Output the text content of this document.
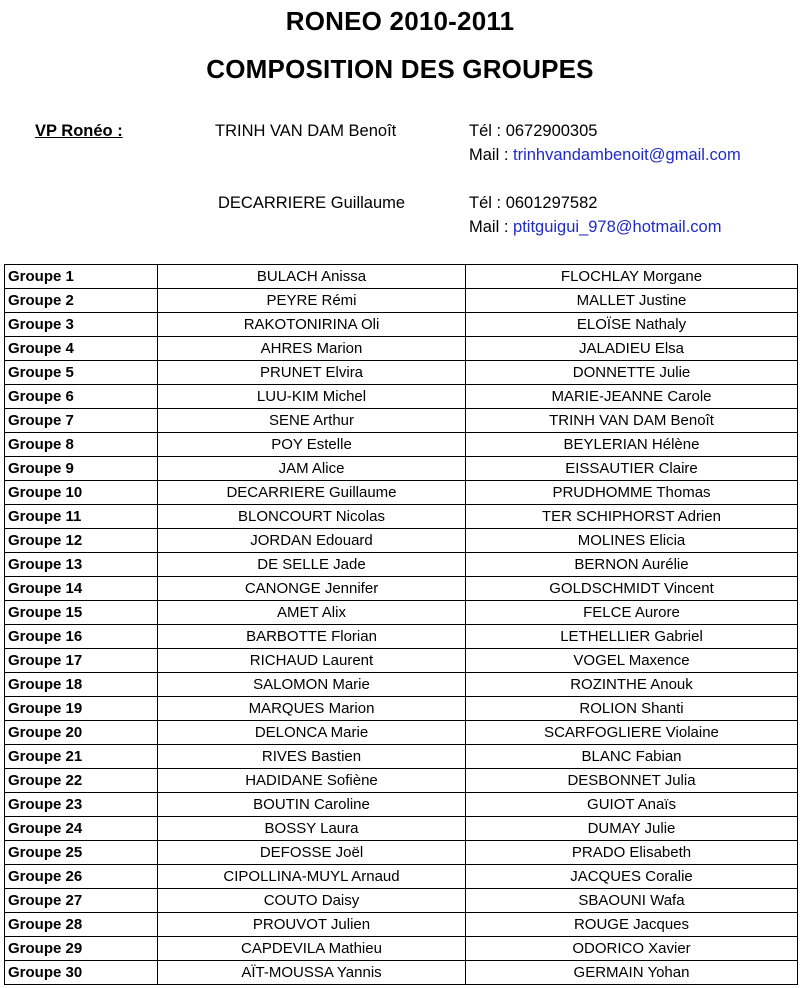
RONEO 2010-2011
COMPOSITION DES GROUPES
VP Ronéo :	TRINH VAN DAM Benoît	Tél : 0672900305
Mail : trinhvandambenoit@gmail.com
DECARRIERE Guillaume	Tél : 0601297582
Mail : ptitguigui_978@hotmail.com
Groupe 1	BULACH Anissa	FLOCHLAY Morgane
Groupe 2	PEYRE Rémi	MALLET Justine
Groupe 3	RAKOTONIRINA Oli	ELOÏSE Nathaly
Groupe 4	AHRES Marion	JALADIEU Elsa
Groupe 5	PRUNET Elvira	DONNETTE Julie
Groupe 6	LUU-KIM Michel	MARIE-JEANNE Carole
Groupe 7	SENE Arthur	TRINH VAN DAM Benoît
Groupe 8	POY Estelle	BEYLERIAN Hélène
Groupe 9	JAM Alice	EISSAUTIER Claire
Groupe 10	DECARRIERE Guillaume	PRUDHOMME Thomas
Groupe 11	BLONCOURT Nicolas	TER SCHIPHORST Adrien
Groupe 12	JORDAN Edouard	MOLINES Elicia
Groupe 13	DE SELLE Jade	BERNON Aurélie
Groupe 14	CANONGE Jennifer	GOLDSCHMIDT Vincent
Groupe 15	AMET Alix	FELCE Aurore
Groupe 16	BARBOTTE Florian	LETHELLIER Gabriel
Groupe 17	RICHAUD Laurent	VOGEL Maxence
Groupe 18	SALOMON Marie	ROZINTHE Anouk
Groupe 19	MARQUES Marion	ROLION Shanti
Groupe 20	DELONCA Marie	SCARFOGLIERE Violaine
Groupe 21	RIVES Bastien	BLANC Fabian
Groupe 22	HADIDANE Sofiène	DESBONNET Julia
Groupe 23	BOUTIN Caroline	GUIOT Anaïs
Groupe 24	BOSSY Laura	DUMAY Julie
Groupe 25	DEFOSSE Joël	PRADO Elisabeth
Groupe 26	CIPOLLINA-MUYL Arnaud	JACQUES Coralie
Groupe 27	COUTO Daisy	SBAOUNI Wafa
Groupe 28	PROUVOT Julien	ROUGE Jacques
Groupe 29	CAPDEVILA Mathieu	ODORICO Xavier
Groupe 30	AÏT-MOUSSA Yannis	GERMAIN Yohan
